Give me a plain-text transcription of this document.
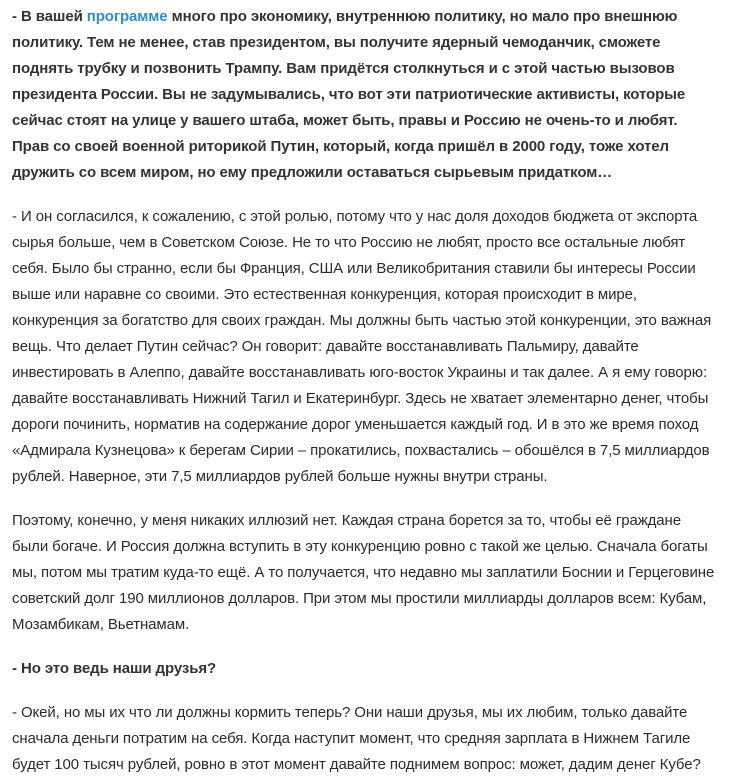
- В вашей программе много про экономику, внутреннюю политику, но мало про внешнюю политику. Тем не менее, став президентом, вы получите ядерный чемоданчик, сможете поднять трубку и позвонить Трампу. Вам придётся столкнуться и с этой частью вызовов президента России. Вы не задумывались, что вот эти патриотические активисты, которые сейчас стоят на улице у вашего штаба, может быть, правы и Россию не очень-то и любят. Прав со своей военной риторикой Путин, который, когда пришёл в 2000 году, тоже хотел дружить со всем миром, но ему предложили оставаться сырьевым придатком…

- И он согласился, к сожалению, с этой ролью, потому что у нас доля доходов бюджета от экспорта сырья больше, чем в Советском Союзе. Не то что Россию не любят, просто все остальные любят себя. Было бы странно, если бы Франция, США или Великобритания ставили бы интересы России выше или наравне со своими. Это естественная конкуренция, которая происходит в мире, конкуренция за богатство для своих граждан. Мы должны быть частью этой конкуренции, это важная вещь. Что делает Путин сейчас? Он говорит: давайте восстанавливать Пальмиру, давайте инвестировать в Алеппо, давайте восстанавливать юго-восток Украины и так далее. А я ему говорю: давайте восстанавливать Нижний Тагил и Екатеринбург. Здесь не хватает элементарно денег, чтобы дороги починить, норматив на содержание дорог уменьшается каждый год. И в это же время поход «Адмирала Кузнецова» к берегам Сирии – прокатились, похвастались – обошёлся в 7,5 миллиардов рублей. Наверное, эти 7,5 миллиардов рублей больше нужны внутри страны.

Поэтому, конечно, у меня никаких иллюзий нет. Каждая страна борется за то, чтобы её граждане были богаче. И Россия должна вступить в эту конкуренцию ровно с такой же целью. Сначала богаты мы, потом мы тратим куда-то ещё. А то получается, что недавно мы заплатили Боснии и Герцеговине советский долг 190 миллионов долларов. При этом мы простили миллиарды долларов всем: Кубам, Мозамбикам, Вьетнамам.

- Но это ведь наши друзья?

- Окей, но мы их что ли должны кормить теперь? Они наши друзья, мы их любим, только давайте сначала деньги потратим на себя. Когда наступит момент, что средняя зарплата в Нижнем Тагиле будет 100 тысяч рублей, ровно в этот момент давайте поднимем вопрос: может, дадим денег Кубе?
